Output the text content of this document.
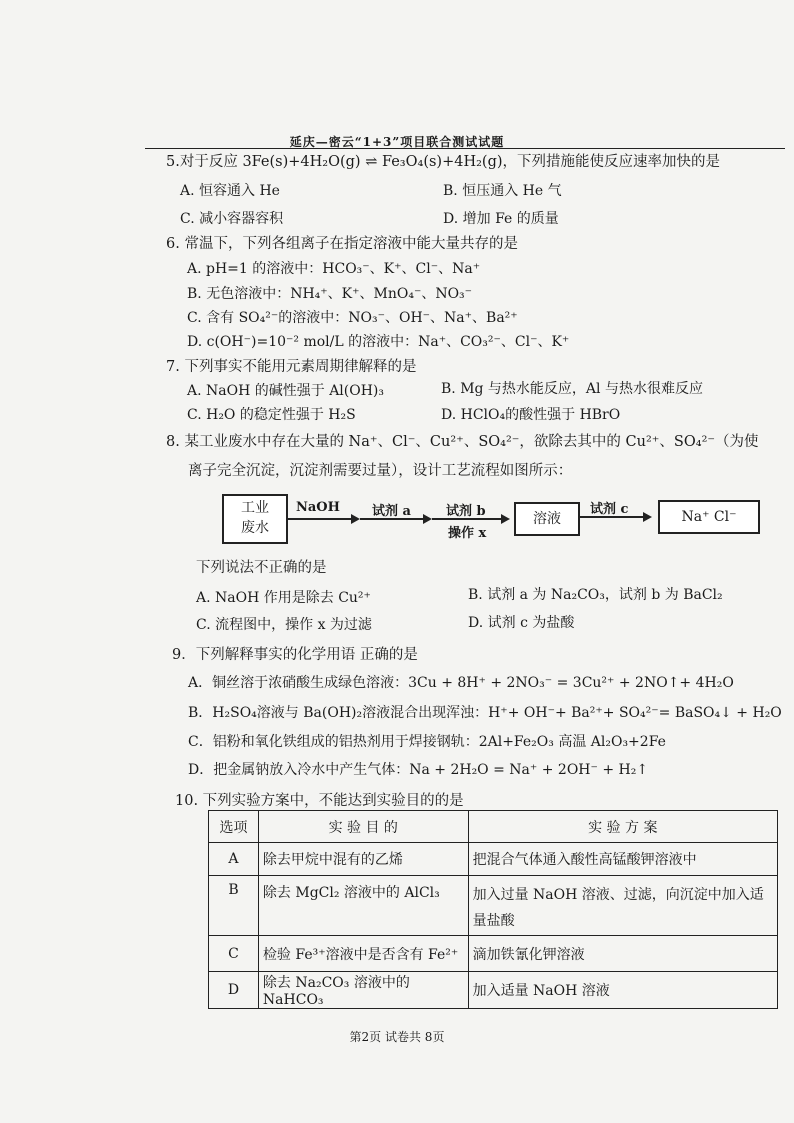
延庆—密云“1+3”项目联合测试试题
5.对于反应 3Fe(s)+4H₂O(g) ⇌ Fe₃O₄(s)+4H₂(g)，下列措施能使反应速率加快的是
A. 恒容通入 He	B. 恒压通入 He 气
C. 减小容器容积	D. 增加 Fe 的质量
6. 常温下，下列各组离子在指定溶液中能大量共存的是
A. pH=1 的溶液中：HCO₃⁻、K⁺、Cl⁻、Na⁺
B. 无色溶液中：NH₄⁺、K⁺、MnO₄⁻、NO₃⁻
C. 含有 SO₄²⁻的溶液中：NO₃⁻、OH⁻、Na⁺、Ba²⁺
D. c(OH⁻)=10⁻² mol/L 的溶液中：Na⁺、CO₃²⁻、Cl⁻、K⁺
7. 下列事实不能用元素周期律解释的是
A. NaOH 的碱性强于 Al(OH)₃	B. Mg 与热水能反应，Al 与热水很难反应
C. H₂O 的稳定性强于 H₂S	D. HClO₄的酸性强于 HBrO
8. 某工业废水中存在大量的 Na⁺、Cl⁻、Cu²⁺、SO₄²⁻，欲除去其中的 Cu²⁺、SO₄²⁻（为使
离子完全沉淀，沉淀剂需要过量），设计工艺流程如图所示：
工业
废水
NaOH 试剂 a	试剂 b
操作 x
溶液
试剂 c	Na⁺ Cl⁻
下列说法不正确的是
A. NaOH 作用是除去 Cu²⁺	B. 试剂 a 为 Na₂CO₃，试剂 b 为 BaCl₂
C. 流程图中，操作 x 为过滤	D. 试剂 c 为盐酸
9．下列解释事实的化学用语 正确的是
A．铜丝溶于浓硝酸生成绿色溶液：3Cu + 8H⁺ + 2NO₃⁻ = 3Cu²⁺ + 2NO↑+ 4H₂O
B．H₂SO₄溶液与 Ba(OH)₂溶液混合出现浑浊：H⁺+ OH⁻+ Ba²⁺+ SO₄²⁻= BaSO₄↓ + H₂O
C．铝粉和氧化铁组成的铝热剂用于焊接钢轨：2Al+Fe₂O₃ 高温 Al₂O₃+2Fe
D．把金属钠放入冷水中产生气体：Na + 2H₂O = Na⁺ + 2OH⁻ + H₂↑
10. 下列实验方案中，不能达到实验目的的是
选项	实 验 目 的	实 验 方 案
A	除去甲烷中混有的乙烯	把混合气体通入酸性高锰酸钾溶液中
B	除去 MgCl₂ 溶液中的 AlCl₃	加入过量 NaOH 溶液、过滤，向沉淀中加入适量盐酸
C	检验 Fe³⁺溶液中是否含有 Fe²⁺	滴加铁氰化钾溶液
D	除去 Na₂CO₃ 溶液中的 NaHCO₃	加入适量 NaOH 溶液
第2页 试卷共 8页
